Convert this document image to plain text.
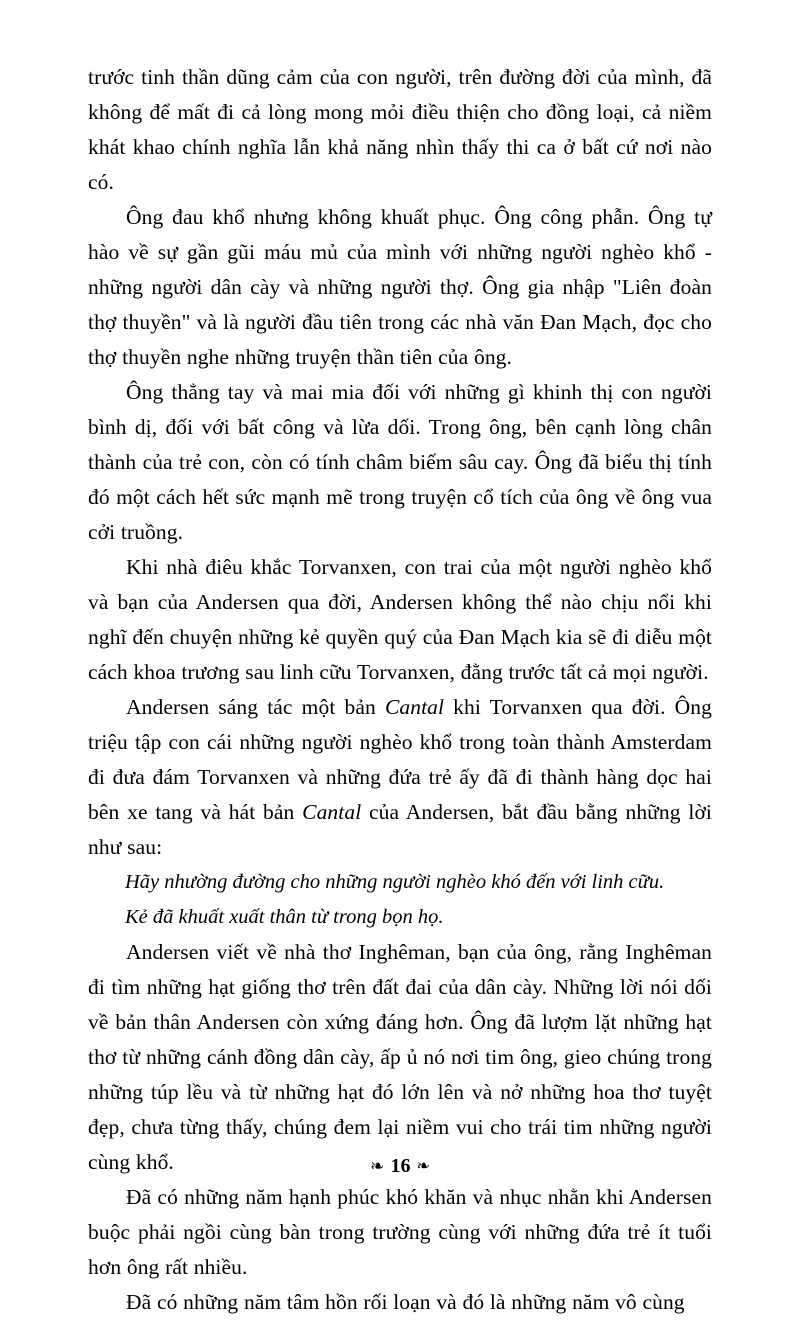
trước tinh thần dũng cảm của con người, trên đường đời của mình, đã không để mất đi cả lòng mong mỏi điều thiện cho đồng loại, cả niềm khát khao chính nghĩa lẫn khả năng nhìn thấy thi ca ở bất cứ nơi nào có.

Ông đau khổ nhưng không khuất phục. Ông công phẫn. Ông tự hào về sự gần gũi máu mủ của mình với những người nghèo khổ - những người dân cày và những người thợ. Ông gia nhập "Liên đoàn thợ thuyền" và là người đầu tiên trong các nhà văn Đan Mạch, đọc cho thợ thuyền nghe những truyện thần tiên của ông.

Ông thẳng tay và mai mia đối với những gì khinh thị con người bình dị, đối với bất công và lừa dối. Trong ông, bên cạnh lòng chân thành của trẻ con, còn có tính châm biếm sâu cay. Ông đã biểu thị tính đó một cách hết sức mạnh mẽ trong truyện cổ tích của ông về ông vua cởi truồng.

Khi nhà điêu khắc Torvanxen, con trai của một người nghèo khổ và bạn của Andersen qua đời, Andersen không thể nào chịu nổi khi nghĩ đến chuyện những kẻ quyền quý của Đan Mạch kia sẽ đi diễu một cách khoa trương sau linh cữu Torvanxen, đằng trước tất cả mọi người.

Andersen sáng tác một bản Cantal khi Torvanxen qua đời. Ông triệu tập con cái những người nghèo khổ trong toàn thành Amsterdam đi đưa đám Torvanxen và những đứa trẻ ấy đã đi thành hàng dọc hai bên xe tang và hát bản Cantal của Andersen, bắt đầu bằng những lời như sau:

Hãy nhường đường cho những người nghèo khó đến với linh cữu.

Kẻ đã khuất xuất thân từ trong bọn họ.

Andersen viết về nhà thơ Inghêman, bạn của ông, rằng Inghêman đi tìm những hạt giống thơ trên đất đai của dân cày. Những lời nói dối về bản thân Andersen còn xứng đáng hơn. Ông đã lượm lặt những hạt thơ từ những cánh đồng dân cày, ấp ủ nó nơi tim ông, gieo chúng trong những túp lều và từ những hạt đó lớn lên và nở những hoa thơ tuyệt đẹp, chưa từng thấy, chúng đem lại niềm vui cho trái tim những người cùng khổ.

Đã có những năm hạnh phúc khó khăn và nhục nhằn khi Andersen buộc phải ngồi cùng bàn trong trường cùng với những đứa trẻ ít tuổi hơn ông rất nhiều.

Đã có những năm tâm hồn rối loạn và đó là những năm vô cùng

☙ 16 ❧
